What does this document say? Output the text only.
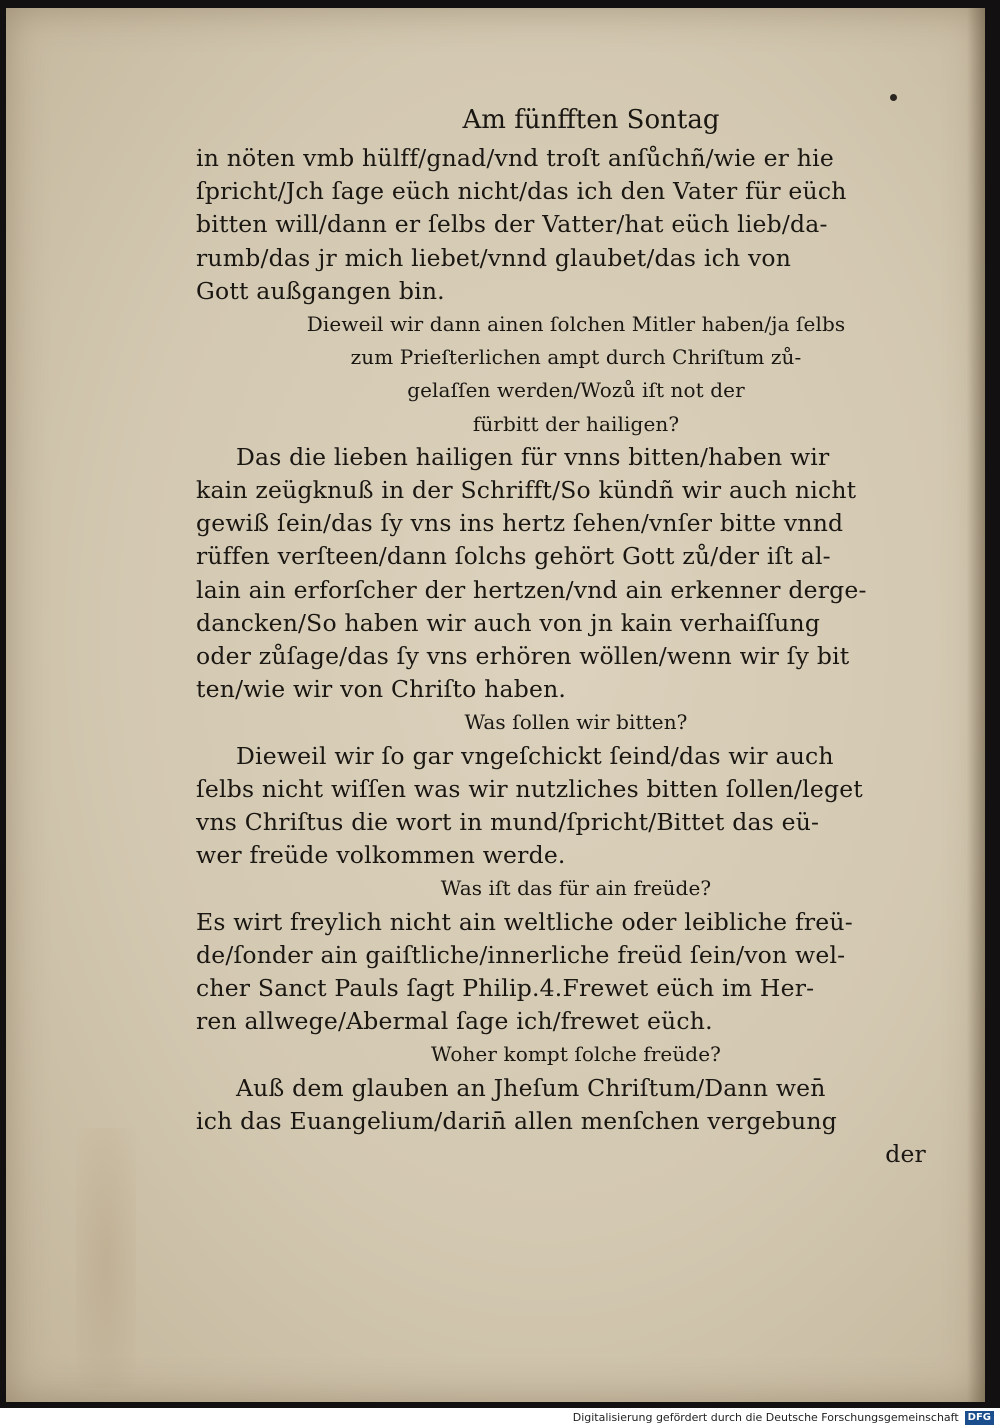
Am fünfften Sontag
in nöten vmb hülff/gnad/vnd troſt anſůchñ/wie er hie
ſpricht/Jch ſage eüch nicht/das ich den Vater für eüch
bitten will/dann er ſelbs der Vatter/hat eüch lieb/da-
rumb/das jr mich liebet/vnnd glaubet/das ich von
Gott außgangen bin.
Dieweil wir dann ainen ſolchen Mitler haben/ja ſelbs
zum Prieſterlichen ampt durch Chriſtum zů-
gelaſſen werden/Wozů iſt not der
fürbitt der hailigen?
Das die lieben hailigen für vnns bitten/haben wir
kain zeügknuß in der Schrifft/So kündñ wir auch nicht
gewiß ſein/das ſy vns ins hertz ſehen/vnſer bitte vnnd
rüffen verſteen/dann ſolchs gehört Gott zů/der iſt al-
lain ain erforſcher der hertzen/vnd ain erkenner derge-
dancken/So haben wir auch von jn kain verhaiſſung
oder zůſage/das ſy vns erhören wöllen/wenn wir ſy bit
ten/wie wir von Chriſto haben.
Was ſollen wir bitten?
Dieweil wir ſo gar vngeſchickt ſeind/das wir auch
ſelbs nicht wiſſen was wir nutzliches bitten ſollen/leget
vns Chriſtus die wort in mund/ſpricht/Bittet das eü-
wer freüde volkommen werde.
Was iſt das für ain freüde?
Es wirt freylich nicht ain weltliche oder leibliche freü-
de/ſonder ain gaiſtliche/innerliche freüd ſein/von wel-
cher Sanct Pauls ſagt Philip.4.Frewet eüch im Her-
ren allwege/Abermal ſage ich/frewet eüch.
Woher kompt ſolche freüde?
Auß dem glauben an Jheſum Chriſtum/Dann wen̄
ich das Euangelium/darin̄ allen menſchen vergebung
der
Digitalisierung gefördert durch die Deutsche Forschungsgemeinschaft DFG
